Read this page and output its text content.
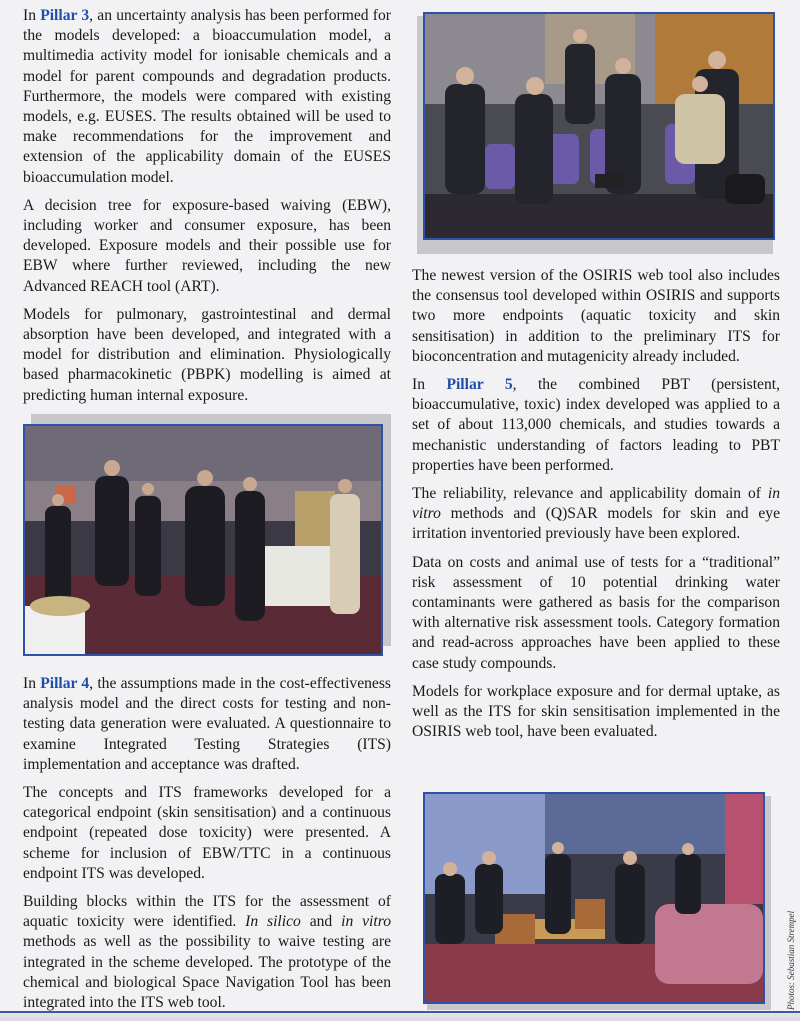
In Pillar 3, an uncertainty analysis has been performed for the models developed: a bioaccumulation model, a multimedia activity model for ionisable chemicals and a model for parent compounds and degradation products. Furthermore, the models were compared with existing models, e.g. EUSES. The results obtained will be used to make recommendations for the improvement and extension of the applicability domain of the EUSES bioaccumulation model.

A decision tree for exposure-based waiving (EBW), including worker and consumer exposure, has been developed. Exposure models and their possible use for EBW where further reviewed, including the new Advanced REACH tool (ART).

Models for pulmonary, gastrointestinal and dermal absorption have been developed, and integrated with a model for distribution and elimination. Physiologically based pharmacokinetic (PBPK) modelling is aimed at predicting human internal exposure.

In Pillar 4, the assumptions made in the cost-effectiveness analysis model and the direct costs for testing and non-testing data generation were evaluated. A questionnaire to examine Integrated Testing Strategies (ITS) implementation and acceptance was drafted.

The concepts and ITS frameworks developed for a categorical endpoint (skin sensitisation) and a continuous endpoint (repeated dose toxicity) were presented. A scheme for inclusion of EBW/TTC in a continuous endpoint ITS was developed.

Building blocks within the ITS for the assessment of aquatic toxicity were identified. In silico and in vitro methods as well as the possibility to waive testing are integrated in the scheme developed. The prototype of the chemical and biological Space Navigation Tool has been integrated into the ITS web tool.

The newest version of the OSIRIS web tool also includes the consensus tool developed within OSIRIS and supports two more endpoints (aquatic toxicity and skin sensitisation) in addition to the preliminary ITS for bioconcentration and mutagenicity already included.

In Pillar 5, the combined PBT (persistent, bioaccumulative, toxic) index developed was applied to a set of about 113,000 chemicals, and studies towards a mechanistic understanding of factors leading to PBT properties have been performed.

The reliability, relevance and applicability domain of in vitro methods and (Q)SAR models for skin and eye irritation inventoried previously have been explored.

Data on costs and animal use of tests for a “traditional” risk assessment of 10 potential drinking water contaminants were gathered as basis for the comparison with alternative risk assessment tools. Category formation and read-across approaches have been applied to these case study compounds.

Models for workplace exposure and for dermal uptake, as well as the ITS for skin sensitisation implemented in the OSIRIS web tool, have been evaluated.

Photos: Sebastian Strempel
